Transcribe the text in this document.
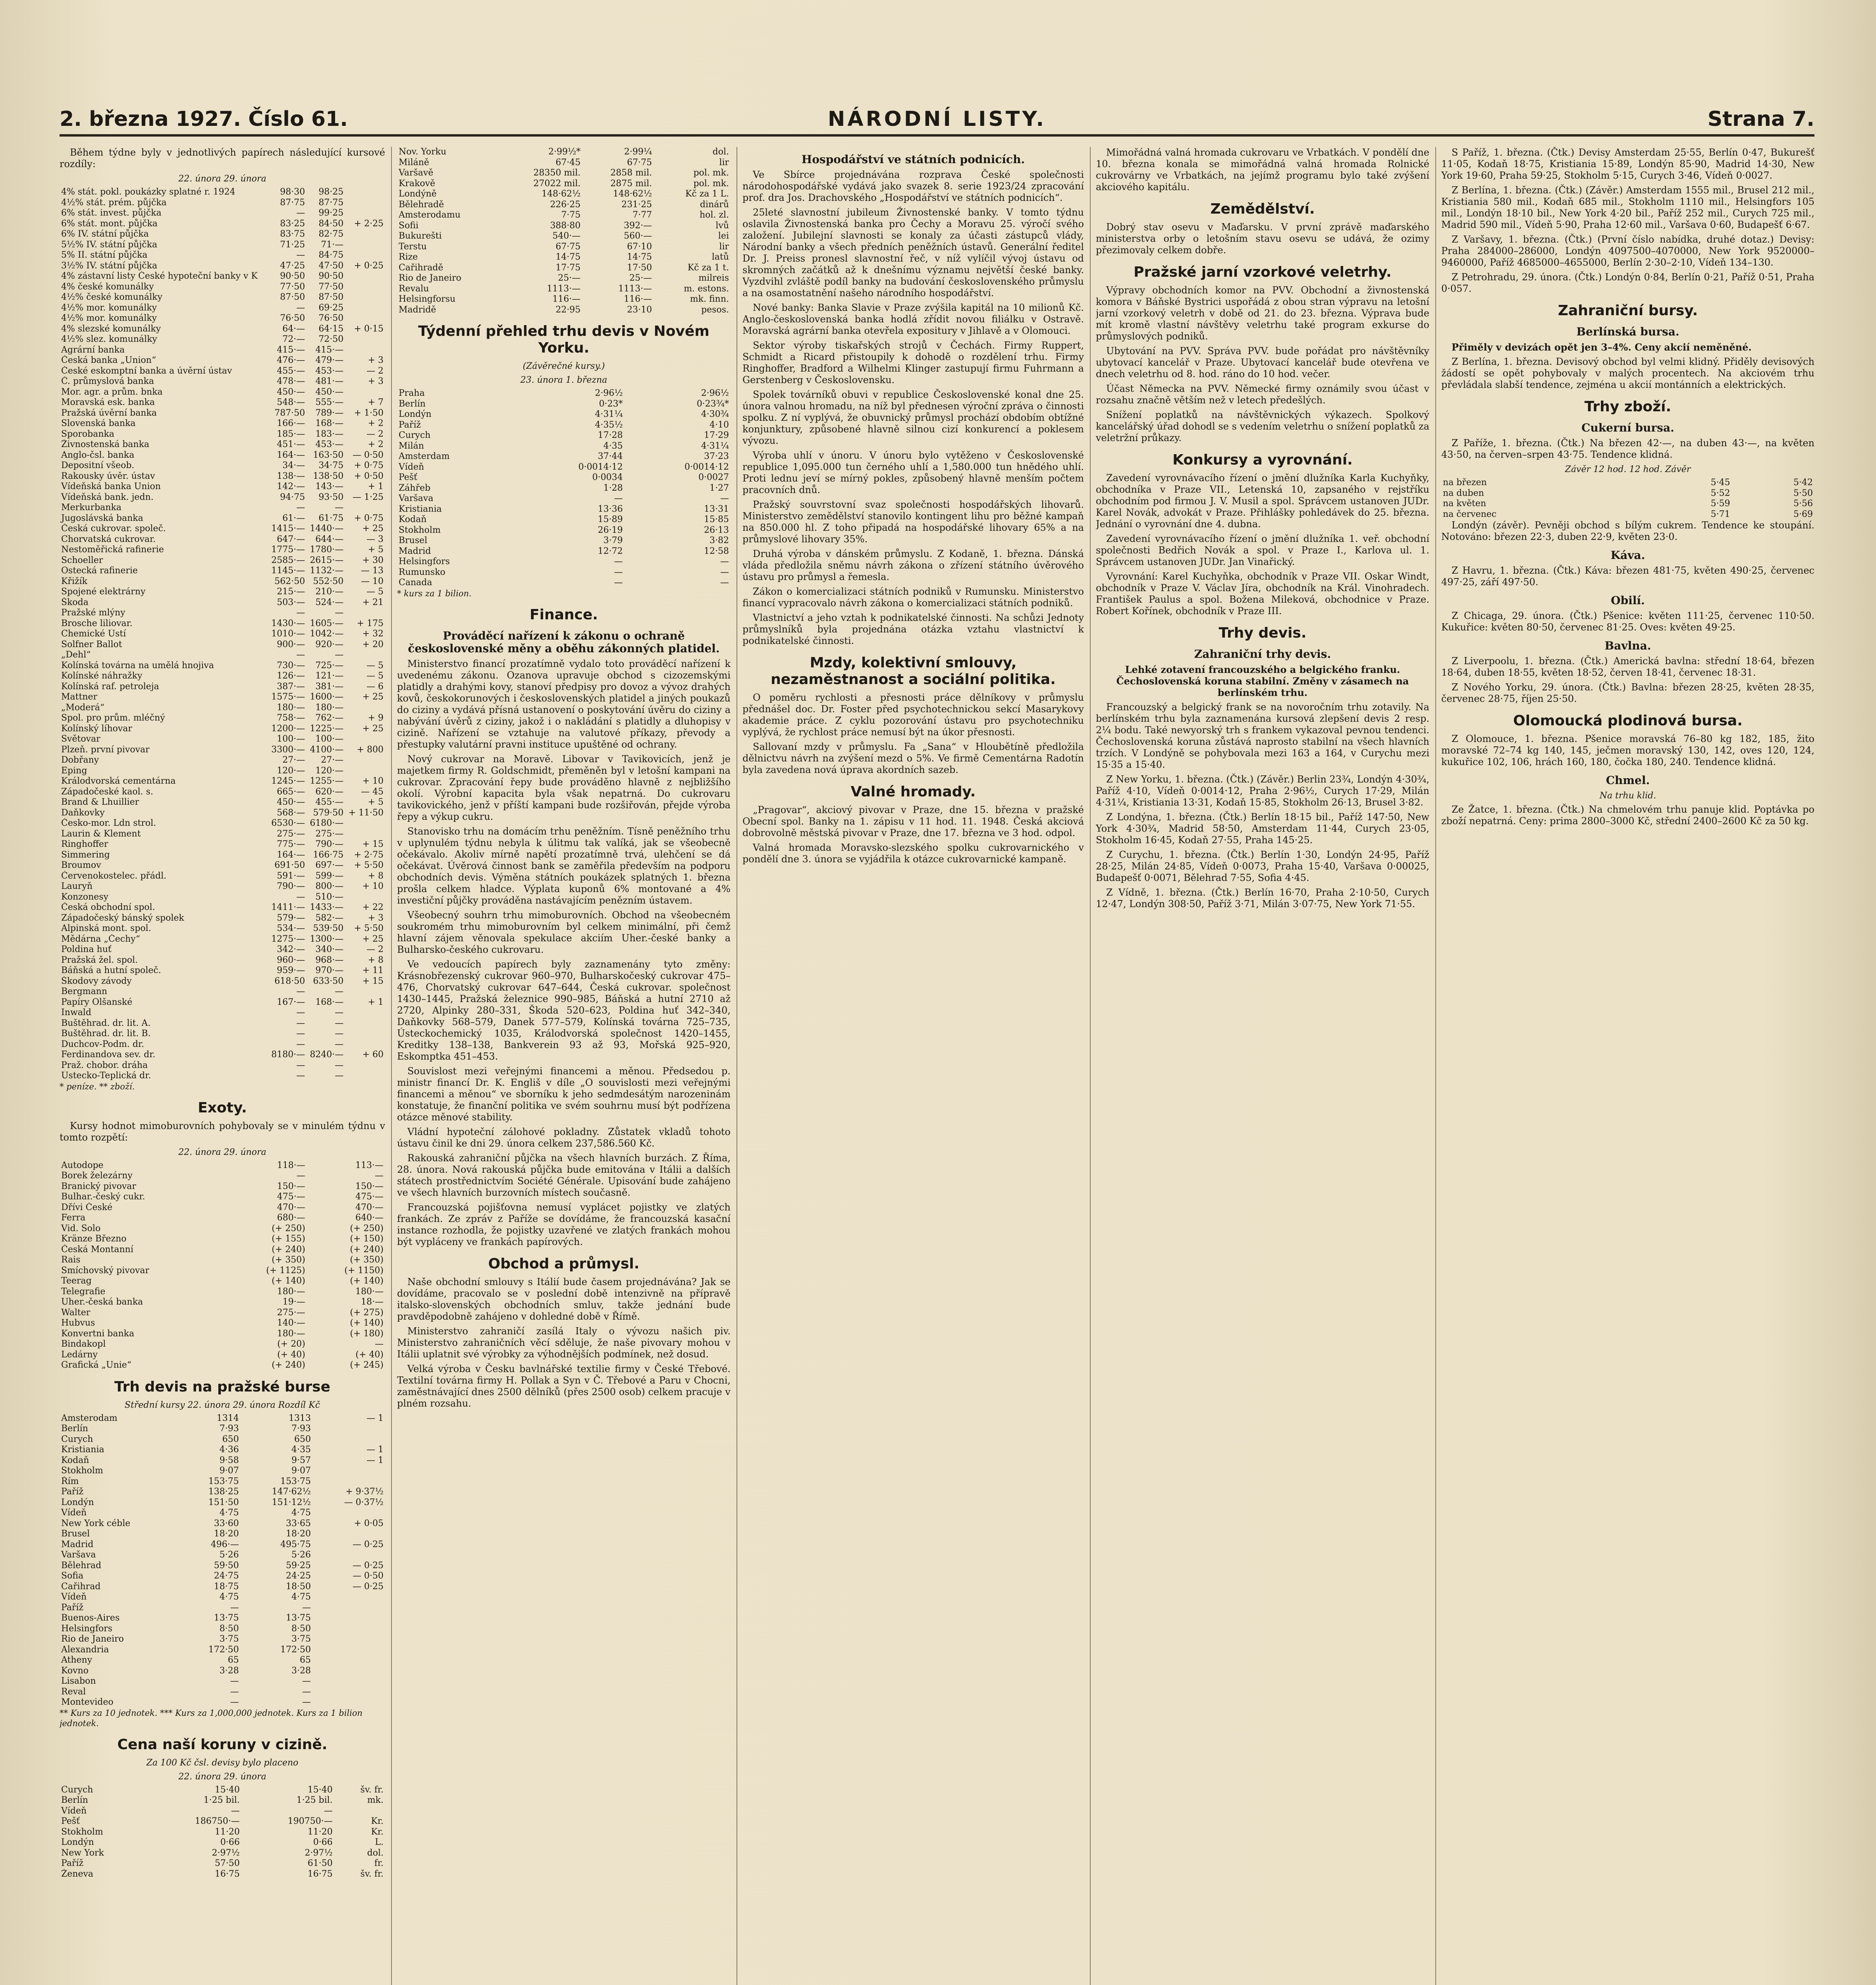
2. března 1927. Číslo 61.	NÁRODNÍ LISTY.	Strana 7.

Během týdne byly v jednotlivých papírech následující kursové rozdíly:

22. února 29. února
4% stát. pokl. poukázky splatné r. 1924	98·30	98·25	
4½% stát. prém. půjčka	87·75	87·75	
6% stát. invest. půjčka	—	99·25	
6% stát. mont. půjčka	83·25	84·50	+ 2·25
6% IV. státní půjčka	83·75	82·75	
5½% IV. státní půjčka	71·25	71·—	
5% II. státní půjčka	—	84·75	
3½% IV. státní půjčka	47·25	47·50	+ 0·25
4% zástavní listy České hypoteční banky v K	90·50	90·50	
4% české komunálky	77·50	77·50	
4½% české komunálky	87·50	87·50	
4½% mor. komunálky	—	69·25	
4½% mor. komunálky	76·50	76·50	
4% slezské komunálky	64·—	64·15	+ 0·15
4½% slez. komunálky	72·—	72·50	
Agrární banka	415·—	415·—	
Česká banka „Union“	476·—	479·—	+ 3
České eskomptní banka a úvěrní ústav	455·—	453·—	— 2
Č. průmyslová banka	478·—	481·—	+ 3
Mor. agr. a prům. bnka	450·—	450·—	
Moravská esk. banka	548·—	555·—	+ 7
Pražská úvěrní banka	787·50	789·—	+ 1·50
Slovenská banka	166·—	168·—	+ 2
Sporobanka	185·—	183·—	— 2
Živnostenská banka	451·—	453·—	+ 2
Anglo-čsl. banka	164·—	163·50	— 0·50
Depositní všeob.	34·—	34·75	+ 0·75
Rakousky úvěr. ústav	138·—	138·50	+ 0·50
Vídeňská banka Union	142·—	143·—	+ 1
Vídeňská bank. jedn.	94·75	93·50	— 1·25
Merkurbanka	—	—	
Jugoslávská banka	61·—	61·75	+ 0·75
Česká cukrovar. společ.	1415·—	1440·—	+ 25
Chorvatská cukrovar.	647·—	644·—	— 3
Nestoměřická rafinerie	1775·—	1780·—	+ 5
Schoeller	2585·—	2615·—	+ 30
Ostecká rafinerie	1145·—	1132·—	— 13
Křižík	562·50	552·50	— 10
Spojené elektrárny	215·—	210·—	— 5
Škoda	503·—	524·—	+ 21
Pražské mlýny	—	—	
Brosche liliovar.	1430·—	1605·—	+ 175
Chemické Ústí	1010·—	1042·—	+ 32
Solfner Ballot	900·—	920·—	+ 20
„Dehl“	—	—	
Kolínská továrna na umělá hnojiva	730·—	725·—	— 5
Kolínské náhražky	126·—	121·—	— 5
Kolínská raf. petroleja	387·—	381·—	— 6
Mattner	1575·—	1600·—	+ 25
„Moderá“	180·—	180·—	
Spol. pro prům. mléčný	758·—	762·—	+ 9
Kolínský líhovar	1200·—	1225·—	+ 25
Světovar	100·—	100·—	
Plzeň. první pivovar	3300·—	4100·—	+ 800
Dobřany	27·—	27·—	
Eping	120·—	120·—	
Králodvorská cementárna	1245·—	1255·—	+ 10
Západočeské kaol. s.	665·—	620·—	— 45
Brand & Lhuillier	450·—	455·—	+ 5
Daňkovky	568·—	579·50	+ 11·50
Česko-mor. Ldn strol.	6530·—	6180·—	
Laurin & Klement	275·—	275·—	
Ringhoffer	775·—	790·—	+ 15
Simmering	164·—	166·75	+ 2·75
Broumov	691·50	697·—	+ 5·50
Červenokostelec. přádl.	591·—	599·—	+ 8
Lauryň	790·—	800·—	+ 10
Konzonesy	—	510·—	
Česká obchodní spol.	1411·—	1433·—	+ 22
Západočeský bánský spolek	579·—	582·—	+ 3
Alpinská mont. spol.	534·—	539·50	+ 5·50
Mědárna „Čechy“	1275·—	1300·—	+ 25
Poldina huť	342·—	340·—	— 2
Pražská žel. spol.	960·—	968·—	+ 8
Báňská a hutní společ.	959·—	970·—	+ 11
Škodovy závody	618·50	633·50	+ 15
Bergmann	—	—	
Papíry Olšanské	167·—	168·—	+ 1
Inwald	—	—	
Buštěhrad. dr. lit. A.	—	—	
Buštěhrad. dr. lit. B.	—	—	
Duchcov-Podm. dr.	—	—	
Ferdinandova sev. dr.	8180·—	8240·—	+ 60
Praž. chobor. dráha	—	—	
Ústecko-Teplická dr.	—	—	
* peníze. ** zboží.
Exoty.

Kursy hodnot mimoburovních pohybovaly se v minulém týdnu v tomto rozpětí:

22. února 29. února
Autodope	118·—	113·—
Borek železárny	—	—
Branický pivovar	150·—	150·—
Bulhar.-český cukr.	475·—	475·—
Dřívi České	470·—	470·—
Ferra	680·—	640·—
Vid. Solo	(+ 250)	(+ 250)
Kränze Březno	(+ 155)	(+ 150)
Česká Montanní	(+ 240)	(+ 240)
Rais	(+ 350)	(+ 350)
Smíchovský pivovar	(+ 1125)	(+ 1150)
Teerag	(+ 140)	(+ 140)
Telegrafie	180·—	180·—
Uher.-česká banka	19·—	18·—
Walter	275·—	(+ 275)
Hubvus	140·—	(+ 140)
Konvertni banka	180·—	(+ 180)
Bindakopl	(+ 20)	—
Ledárny	(+ 40)	(+ 40)
Grafická „Unie“	(+ 240)	(+ 245)
Trh devis na pražské burse
Střední kursy 22. února 29. února Rozdíl Kč
Amsterodam	1314	1313	— 1
Berlín	7·93	7·93	
Curych	650	650	
Kristiania	4·36	4·35	— 1
Kodaň	9·58	9·57	— 1
Stokholm	9·07	9·07	
Řím	153·75	153·75	
Paříž	138·25	147·62½	+ 9·37½
Londýn	151·50	151·12½	— 0·37½
Vídeň	4·75	4·75	
New York céble	33·60	33·65	+ 0·05
Brusel	18·20	18·20	
Madrid	496·—	495·75	— 0·25
Varšava	5·26	5·26	
Bělehrad	59·50	59·25	— 0·25
Sofia	24·75	24·25	— 0·50
Cařihrad	18·75	18·50	— 0·25
Vídeň	4·75	4·75	
Paříž	—	—	
Buenos-Aires	13·75	13·75	
Helsingfors	8·50	8·50	
Rio de Janeiro	3·75	3·75	
Alexandria	172·50	172·50	
Atheny	65	65	
Kovno	3·28	3·28	
Lisabon	—	—	
Reval	—	—	
Montevideo	—	—	
** Kurs za 10 jednotek. *** Kurs za 1,000,000 jednotek. Kurs za 1 bilion jednotek.
Cena naší koruny v cizině.
Za 100 Kč čsl. devisy bylo placeno
22. února 29. února
Curych	15·40	15·40	šv. fr.
Berlín	1·25 bil.	1·25 bil.	mk.
Vídeň	—	—	
Pešť	186750·—	190750·—	Kr.
Stokholm	11·20	11·20	Kr.
Londýn	0·66	0·66	L.
New York	2·97½	2·97½	dol.
Paříž	57·50	61·50	fr.
Ženeva	16·75	16·75	šv. fr.
Nov. Yorku	2·99½*	2·99¼	dol.
Miláně	67·45	67·75	lir
Varšavě	28350 mil.	2858 mil.	pol. mk.
Krakově	27022 mil.	2875 mil.	pol. mk.
Londýně	148·62½	148·62½	Kč za 1 L.
Bělehradě	226·25	231·25	dinárů
Amsterodamu	7·75	7·77	hol. zl.
Sofii	388·80	392·—	lvů
Bukurešti	540·—	560·—	lei
Terstu	67·75	67·10	lir
Rize	14·75	14·75	latů
Cařihradě	17·75	17·50	Kč za 1 t.
Rio de Janeiro	25·—	25·—	milreis
Revalu	1113·—	1113·—	m. estons.
Helsingforsu	116·—	116·—	mk. finn.
Madridě	22·95	23·10	pesos.
Týdenní přehled trhu devis v Novém Yorku.
(Závěrečné kursy.)
23. února 1. března
Praha	2·96½	2·96½
Berlín	0·23*	0·23¾*
Londýn	4·31¼	4·30¾
Paříž	4·35½	4·10
Curych	17·28	17·29
Milán	4·35	4·31¼
Amsterdam	37·44	37·23
Vídeň	0·0014·12	0·0014·12
Pešť	0·0034	0·0027
Záhřeb	1·28	1·27
Varšava	—	—
Kristiania	13·36	13·31
Kodaň	15·89	15·85
Stokholm	26·19	26·13
Brusel	3·79	3·82
Madrid	12·72	12·58
Helsingfors	—	—
Rumunsko	—	—
Canada	—	—
* kurs za 1 bilion.
Finance.
Prováděcí nařízení k zákonu o ochraně československé měny a oběhu zákonných platidel.

Ministerstvo financí prozatímně vydalo toto prováděcí nařízení k uvedenému zákonu. Ozanova upravuje obchod s cizozemskými platidly a drahými kovy, stanoví předpisy pro dovoz a vývoz drahých kovů, českokorunových i československých platidel a jiných poukazů do ciziny a vydává přísná ustanovení o poskytování úvěru do ciziny a nabývání úvěrů z ciziny, jakož i o nakládání s platidly a dluhopisy v cizině. Nařízení se vztahuje na valutové příkazy, převody a přestupky valutární pravni instituce upuštěné od ochrany.

Nový cukrovar na Moravě. Libovar v Tavikovicích, jenž je majetkem firmy R. Goldschmidt, přeměněn byl v letošní kampani na cukrovar. Zpracování řepy bude prováděno hlavně z nejbližšího okolí. Výrobní kapacita byla však nepatrná. Do cukrovaru tavikovického, jenž v příští kampani bude rozšiřován, přejde výroba řepy a výkup cukru.

Stanovisko trhu na domácím trhu peněžním. Tísně peněžního trhu v uplynulém týdnu nebyla k úlitmu tak valíká, jak se všeobecně očekávalo. Akoliv mírně napětí prozatímně trvá, ulehčení se dá očekávat. Úvěrová činnost bank se zaměřila především na podporu obchodních devis. Výměna státních poukázek splatných 1. března prošla celkem hladce. Výplata kuponů 6% montované a 4% investiční půjčky prováděna nastávajícím penězním ústavem.

Všeobecný souhrn trhu mimoburovních. Obchod na všeobecném soukromém trhu mimoburovním byl celkem minimální, při čemž hlavní zájem věnovala spekulace akciím Uher.-české banky a Bulharsko-českého cukrovaru.

Ve vedoucích papírech byly zaznamenány tyto změny: Krásnobřezenský cukrovar 960–970, Bulharskočeský cukrovar 475–476, Chorvatský cukrovar 647–644, Česká cukrovar. společnost 1430–1445, Pražská železnice 990–985, Báňská a hutní 2710 až 2720, Alpinky 280–331, Škoda 520–623, Poldina huť 342–340, Daňkovky 568–579, Danek 577–579, Kolínská továrna 725–735, Ústeckochemický 1035, Králodvorská společnost 1420–1455, Kreditky 138–138, Bankverein 93 až 93, Mořská 925–920, Eskomptka 451–453.

Souvislost mezi veřejnými financemi a měnou. Předsedou p. ministr financí Dr. K. Engliš v díle „O souvislosti mezi veřejnými financemi a měnou“ ve sborníku k jeho sedmdesátým narozeninám konstatuje, že finanční politika ve svém souhrnu musí být podřízena otázce měnové stability.

Vládní hypoteční zálohové pokladny. Zůstatek vkladů tohoto ústavu činil ke dni 29. února celkem 237,586.560 Kč.

Rakouská zahraniční půjčka na všech hlavních burzách. Z Říma, 28. února. Nová rakouská půjčka bude emitována v Itálii a dalších státech prostřednictvím Société Générale. Upisování bude zahájeno ve všech hlavních burzovních místech současně.

Francouzská pojišťovna nemusí vyplácet pojistky ve zlatých frankách. Ze zpráv z Paříže se dovídáme, že francouzská kasační instance rozhodla, že pojistky uzavřené ve zlatých frankách mohou být vypláceny ve frankách papírových.

Obchod a průmysl.

Naše obchodní smlouvy s Itálií bude časem projednávána? Jak se dovídáme, pracovalo se v poslední době intenzivně na přípravě italsko-slovenských obchodních smluv, takže jednání bude pravděpodobně zahájeno v dohledné době v Římě.

Ministerstvo zahraničí zasílá Italy o vývozu našich piv. Ministerstvo zahraničních věcí sděluje, že naše pivovary mohou v Itálii uplatnit své výrobky za výhodnějších podmínek, než dosud.

Velká výroba v Česku bavlnářské textilie firmy v České Třebové. Textilní továrna firmy H. Pollak a Syn v Č. Třebové a Paru v Chocni, zaměstnávající dnes 2500 dělníků (přes 2500 osob) celkem pracuje v plném rozsahu.

Hospodářství ve státních podnicích.

Ve Sbírce projednávána rozprava České společnosti národohospodářské vydává jako svazek 8. serie 1923/24 zpracování prof. dra Jos. Drachovského „Hospodářství ve státních podnicích“.

25leté slavnostní jubileum Živnostenské banky. V tomto týdnu oslavila Živnostenská banka pro Čechy a Moravu 25. výročí svého založení. Jubilejní slavnosti se konaly za účasti zástupců vlády, Národní banky a všech předních peněžních ústavů. Generální ředitel Dr. J. Preiss pronesl slavnostní řeč, v níž vylíčil vývoj ústavu od skromných začátků až k dnešnímu významu největší české banky. Vyzdvihl zvláště podíl banky na budování československého průmyslu a na osamostatnění našeho národního hospodářství.

Nové banky: Banka Slavie v Praze zvýšila kapitál na 10 milionů Kč. Anglo-československá banka hodlá zřídit novou filiálku v Ostravě. Moravská agrární banka otevřela expositury v Jihlavě a v Olomouci.

Sektor výroby tiskařských strojů v Čechách. Firmy Ruppert, Schmidt a Ricard přistoupily k dohodě o rozdělení trhu. Firmy Ringhoffer, Bradford a Wilhelmi Klinger zastupují firmu Fuhrmann a Gerstenberg v Československu.

Spolek továrníků obuvi v republice Československé konal dne 25. února valnou hromadu, na níž byl přednesen výroční zpráva o činnosti spolku. Z ní vyplývá, že obuvnický průmysl prochází obdobím obtížné konjunktury, způsobené hlavně silnou cizí konkurencí a poklesem vývozu.

Výroba uhlí v únoru. V únoru bylo vytěženo v Československé republice 1,095.000 tun černého uhlí a 1,580.000 tun hnědého uhlí. Proti lednu jeví se mírný pokles, způsobený hlavně menším počtem pracovních dnů.

Pražský souvrstovní svaz společnosti hospodářských lihovarů. Ministerstvo zemědělství stanovilo kontingent lihu pro běžné kampaň na 850.000 hl. Z toho připadá na hospodářské lihovary 65% a na průmyslové lihovary 35%.

Druhá výroba v dánském průmyslu. Z Kodaně, 1. března. Dánská vláda předložila sněmu návrh zákona o zřízení státního úvěrového ústavu pro průmysl a řemesla.

Zákon o komercializaci státních podniků v Rumunsku. Ministerstvo financí vypracovalo návrh zákona o komercializaci státních podniků.

Vlastnictví a jeho vztah k podnikatelské činnosti. Na schůzi Jednoty průmyslníků byla projednána otázka vztahu vlastnictví k podnikatelské činnosti.

Mzdy, kolektivní smlouvy, nezaměstnanost a sociální politika.

O poměru rychlosti a přesnosti práce dělníkovy v průmyslu přednášel doc. Dr. Foster před psychotechnickou sekcí Masarykovy akademie práce. Z cyklu pozorování ústavu pro psychotechniku vyplývá, že rychlost práce nemusí být na úkor přesnosti.

Sallovaní mzdy v průmyslu. Fa „Sana“ v Hloubětíně předložila dělnictvu návrh na zvýšení mezd o 5%. Ve firmě Cementárna Radotín byla zavedena nová úprava akordních sazeb.

Valné hromady.

„Pragovar“, akciový pivovar v Praze, dne 15. března v pražské Obecní spol. Banky na 1. zápisu v 11 hod. 11. 1948. Česká akciová dobrovolně městská pivovar v Praze, dne 17. března ve 3 hod. odpol.

Valná hromada Moravsko-slezského spolku cukrovarnického v pondělí dne 3. února se vyjádřila k otázce cukrovarnické kampaně.

Mimořádná valná hromada cukrovaru ve Vrbatkách. V pondělí dne 10. března konala se mimořádná valná hromada Rolnické cukrovárny ve Vrbatkách, na jejímž programu bylo také zvýšení akciového kapitálu.

Zemědělství.

Dobrý stav osevu v Maďarsku. V první zprávě maďarského ministerstva orby o letošním stavu osevu se udává, že ozimy přezimovaly celkem dobře.

Pražské jarní vzorkové veletrhy.

Výpravy obchodních komor na PVV. Obchodní a živnostenská komora v Báňské Bystrici uspořádá z obou stran výpravu na letošní jarní vzorkový veletrh v době od 21. do 23. března. Výprava bude mít kromě vlastní návštěvy veletrhu také program exkurse do průmyslových podniků.

Ubytování na PVV. Správa PVV. bude pořádat pro návštěvníky ubytovací kancelář v Praze. Ubytovací kancelář bude otevřena ve dnech veletrhu od 8. hod. ráno do 10 hod. večer.

Účast Německa na PVV. Německé firmy oznámily svou účast v rozsahu značně větším než v letech předešlých.

Snížení poplatků na návštěvnických výkazech. Spolkový kancelářský úřad dohodl se s vedením veletrhu o snížení poplatků za veletržní průkazy.

Konkursy a vyrovnání.

Zavedení vyrovnávacího řízení o jmění dlužníka Karla Kuchyňky, obchodníka v Praze VII., Letenská 10, zapsaného v rejstříku obchodním pod firmou J. V. Musil a spol. Správcem ustanoven JUDr. Karel Novák, advokát v Praze. Přihlášky pohledávek do 25. března. Jednání o vyrovnání dne 4. dubna.

Zavedení vyrovnávacího řízení o jmění dlužníka 1. veř. obchodní společnosti Bedřich Novák a spol. v Praze I., Karlova ul. 1. Správcem ustanoven JUDr. Jan Vinařický.

Vyrovnání: Karel Kuchyňka, obchodník v Praze VII. Oskar Windt, obchodník v Praze V. Václav Jíra, obchodník na Král. Vinohradech. František Paulus a spol. Božena Mileková, obchodnice v Praze. Robert Kořínek, obchodník v Praze III.

Trhy devis.
Zahraniční trhy devis.

Lehké zotavení francouzského a belgického franku. Čechoslovenská koruna stabilní. Změny v zásamech na berlínském trhu.

Francouzský a belgický frank se na novoročním trhu zotavily. Na berlínském trhu byla zaznamenána kursová zlepšení devis 2 resp. 2¼ bodu. Také newyorský trh s frankem vykazoval pevnou tendenci. Čechoslovenská koruna zůstává naprosto stabilní na všech hlavních trzích. V Londýně se pohybovala mezi 163 a 164, v Curychu mezi 15·35 a 15·40.

Z New Yorku, 1. března. (Čtk.) (Závěr.) Berlin 23¾, Londýn 4·30¾, Paříž 4·10, Vídeň 0·0014·12, Praha 2·96½, Curych 17·29, Milán 4·31¼, Kristiania 13·31, Kodaň 15·85, Stokholm 26·13, Brusel 3·82.

Z Londýna, 1. března. (Čtk.) Berlín 18·15 bil., Paříž 147·50, New York 4·30¾, Madrid 58·50, Amsterdam 11·44, Curych 23·05, Stokholm 16·45, Kodaň 27·55, Praha 145·25.

Z Curychu, 1. března. (Čtk.) Berlín 1·30, Londýn 24·95, Paříž 28·25, Milán 24·85, Vídeň 0·0073, Praha 15·40, Varšava 0·00025, Budapešť 0·0071, Bělehrad 7·55, Sofia 4·45.

Z Vídně, 1. března. (Čtk.) Berlín 16·70, Praha 2·10·50, Curych 12·47, Londýn 308·50, Paříž 3·71, Milán 3·07·75, New York 71·55.

S Paříž, 1. března. (Čtk.) Devisy Amsterdam 25·55, Berlín 0·47, Bukurešť 11·05, Kodaň 18·75, Kristiania 15·89, Londýn 85·90, Madrid 14·30, New York 19·60, Praha 59·25, Stokholm 5·15, Curych 3·46, Vídeň 0·0027.

Z Berlína, 1. března. (Čtk.) (Závěr.) Amsterdam 1555 mil., Brusel 212 mil., Kristiania 580 mil., Kodaň 685 mil., Stokholm 1110 mil., Helsingfors 105 mil., Londýn 18·10 bil., New York 4·20 bil., Paříž 252 mil., Curych 725 mil., Madrid 590 mil., Vídeň 5·90, Praha 12·60 mil., Varšava 0·60, Budapešť 6·67.

Z Varšavy, 1. března. (Čtk.) (První číslo nabídka, druhé dotaz.) Devisy: Praha 284000–286000, Londýn 4097500–4070000, New York 9520000–9460000, Paříž 4685000–4655000, Berlín 2·30–2·10, Vídeň 134–130.

Z Petrohradu, 29. února. (Čtk.) Londýn 0·84, Berlín 0·21, Paříž 0·51, Praha 0·057.

Zahraniční bursy.
Berlínská bursa.

Přiměly v devizách opět jen 3–4%. Ceny akcií neměněné.

Z Berlína, 1. března. Devisový obchod byl velmi klidný. Přiděly devisových žádostí se opět pohybovaly v malých procentech. Na akciovém trhu převládala slabší tendence, zejména u akcií montánních a elektrických.

Trhy zboží.
Cukerní bursa.

Z Paříže, 1. března. (Čtk.) Na březen 42·—, na duben 43·—, na květen 43·50, na červen–srpen 43·75. Tendence klidná.

Závěr 12 hod. 12 hod. Závěr
na březen	5·45	5·42
na duben	5·52	5·50
na květen	5·59	5·56
na červenec	5·71	5·69

Londýn (závěr). Pevněji obchod s bílým cukrem. Tendence ke stoupání. Notováno: březen 22·3, duben 22·9, květen 23·0.

Káva.

Z Havru, 1. března. (Čtk.) Káva: březen 481·75, květen 490·25, červenec 497·25, září 497·50.

Obilí.

Z Chicaga, 29. února. (Čtk.) Pšenice: květen 111·25, červenec 110·50. Kukuřice: květen 80·50, červenec 81·25. Oves: květen 49·25.

Bavlna.

Z Liverpoolu, 1. března. (Čtk.) Americká bavlna: střední 18·64, březen 18·64, duben 18·55, květen 18·52, červen 18·41, červenec 18·31.

Z Nového Yorku, 29. února. (Čtk.) Bavlna: březen 28·25, květen 28·35, červenec 28·75, říjen 25·50.

Olomoucká plodinová bursa.

Z Olomouce, 1. března. Pšenice moravská 76–80 kg 182, 185, žito moravské 72–74 kg 140, 145, ječmen moravský 130, 142, oves 120, 124, kukuřice 102, 106, hrách 160, 180, čočka 180, 240. Tendence klidná.

Chmel.
Na trhu klid.

Ze Žatce, 1. března. (Čtk.) Na chmelovém trhu panuje klid. Poptávka po zboží nepatrná. Ceny: prima 2800–3000 Kč, střední 2400–2600 Kč za 50 kg.
